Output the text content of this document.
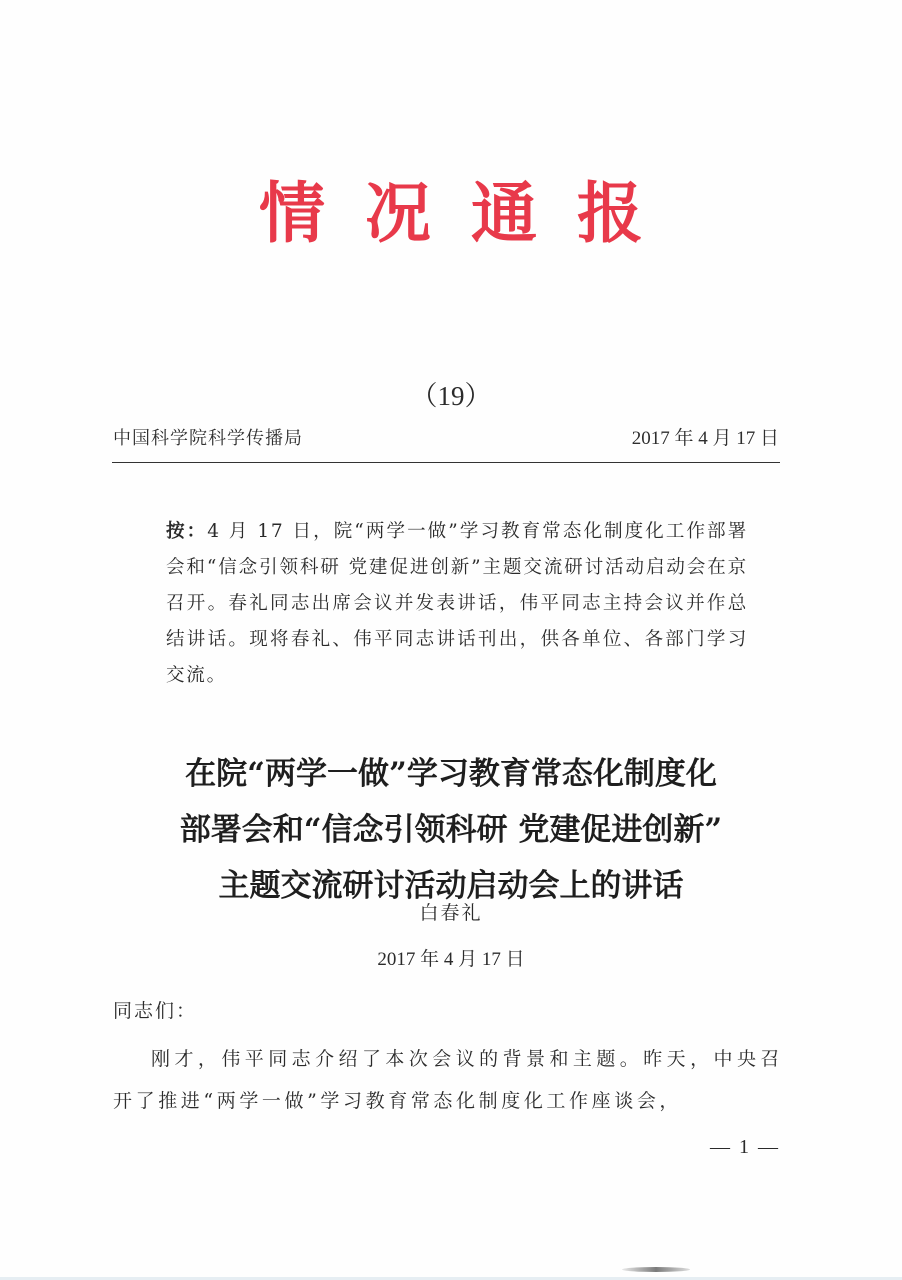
情 况 通 报
（19）
中国科学院科学传播局	2017 年 4 月 17 日
按：4 月 17 日，院“两学一做”学习教育常态化制度化工作部署会和“信念引领科研 党建促进创新”主题交流研讨活动启动会在京召开。春礼同志出席会议并发表讲话，伟平同志主持会议并作总结讲话。现将春礼、伟平同志讲话刊出，供各单位、各部门学习交流。
在院“两学一做”学习教育常态化制度化
部署会和“信念引领科研 党建促进创新”
主题交流研讨活动启动会上的讲话
白春礼
2017 年 4 月 17 日
同志们：

刚才，伟平同志介绍了本次会议的背景和主题。昨天，中央召开了推进“两学一做”学习教育常态化制度化工作座谈会，

— 1 —
